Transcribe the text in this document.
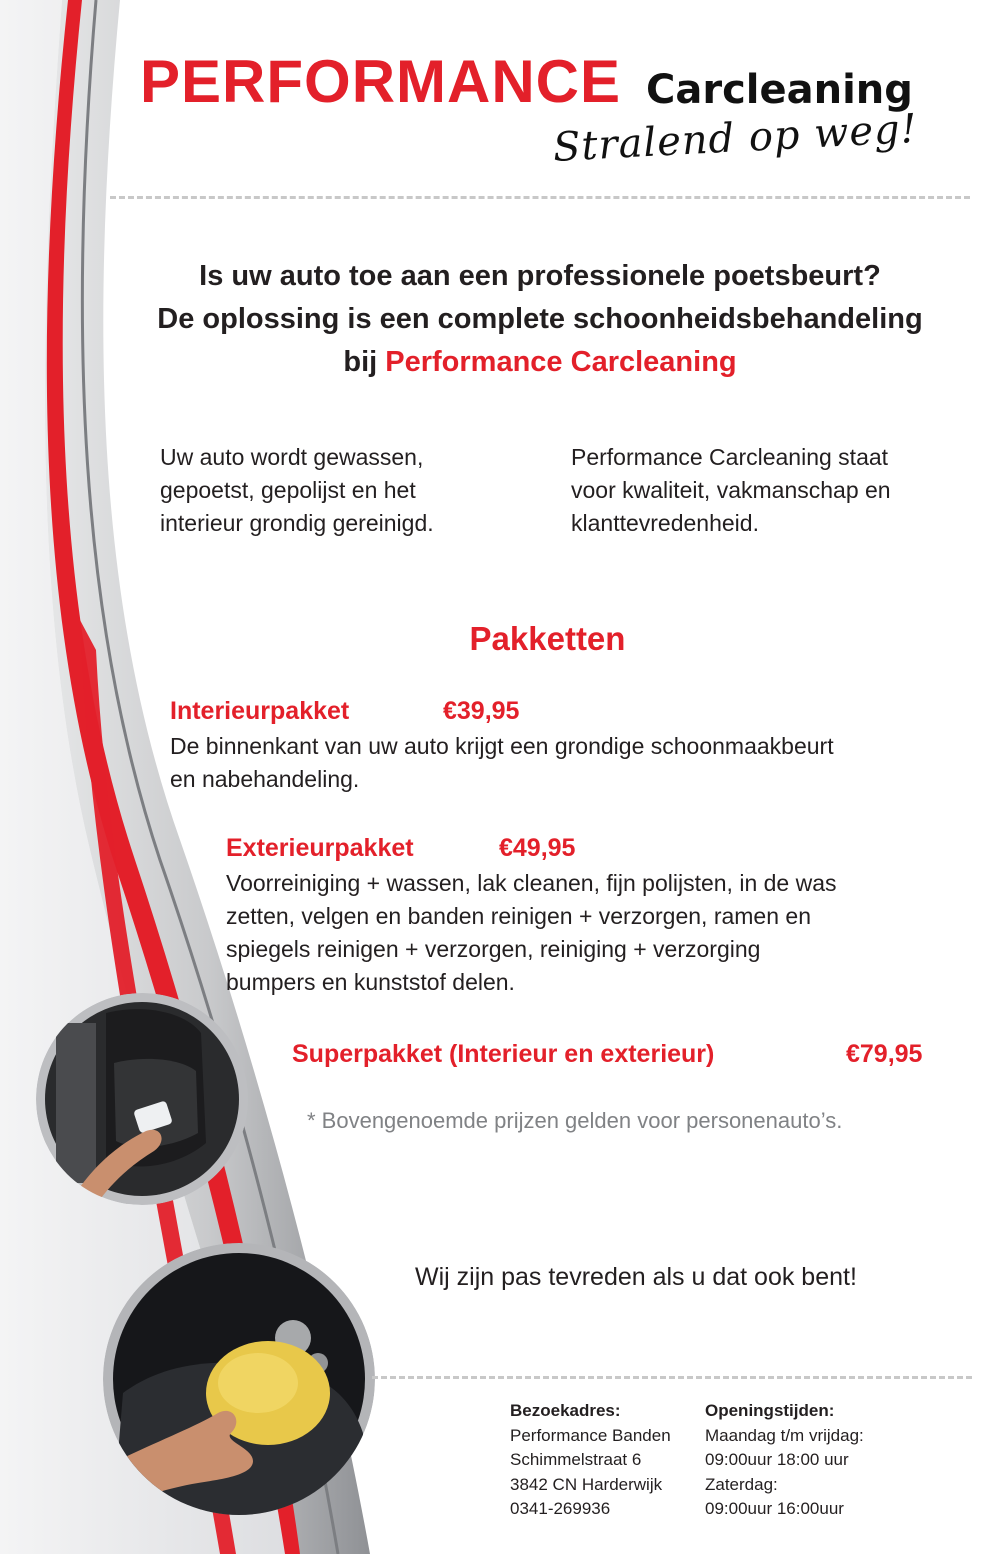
PERFORMANCE Carcleaning
Stralend op weg!
Is uw auto toe aan een professionele poetsbeurt?
De oplossing is een complete schoonheidsbehandeling
bij Performance Carcleaning
Uw auto wordt gewassen,
gepoetst, gepolijst en het
interieur grondig gereinigd.
Performance Carcleaning staat
voor kwaliteit, vakmanschap en
klanttevredenheid.
Pakketten
Interieurpakket	€39,95
De binnenkant van uw auto krijgt een grondige schoonmaakbeurt
en nabehandeling.
Exterieurpakket	€49,95
Voorreiniging + wassen, lak cleanen, fijn polijsten, in de was
zetten, velgen en banden reinigen + verzorgen, ramen en
spiegels reinigen + verzorgen, reiniging + verzorging
bumpers en kunststof delen.
Superpakket (Interieur en exterieur)	€79,95
* Bovengenoemde prijzen gelden voor personenauto’s.
Wij zijn pas tevreden als u dat ook bent!
Bezoekadres:
Performance Banden
Schimmelstraat 6
3842 CN Harderwijk
0341-269936
Openingstijden:
Maandag t/m vrijdag:
09:00uur 18:00 uur
Zaterdag:
09:00uur 16:00uur
